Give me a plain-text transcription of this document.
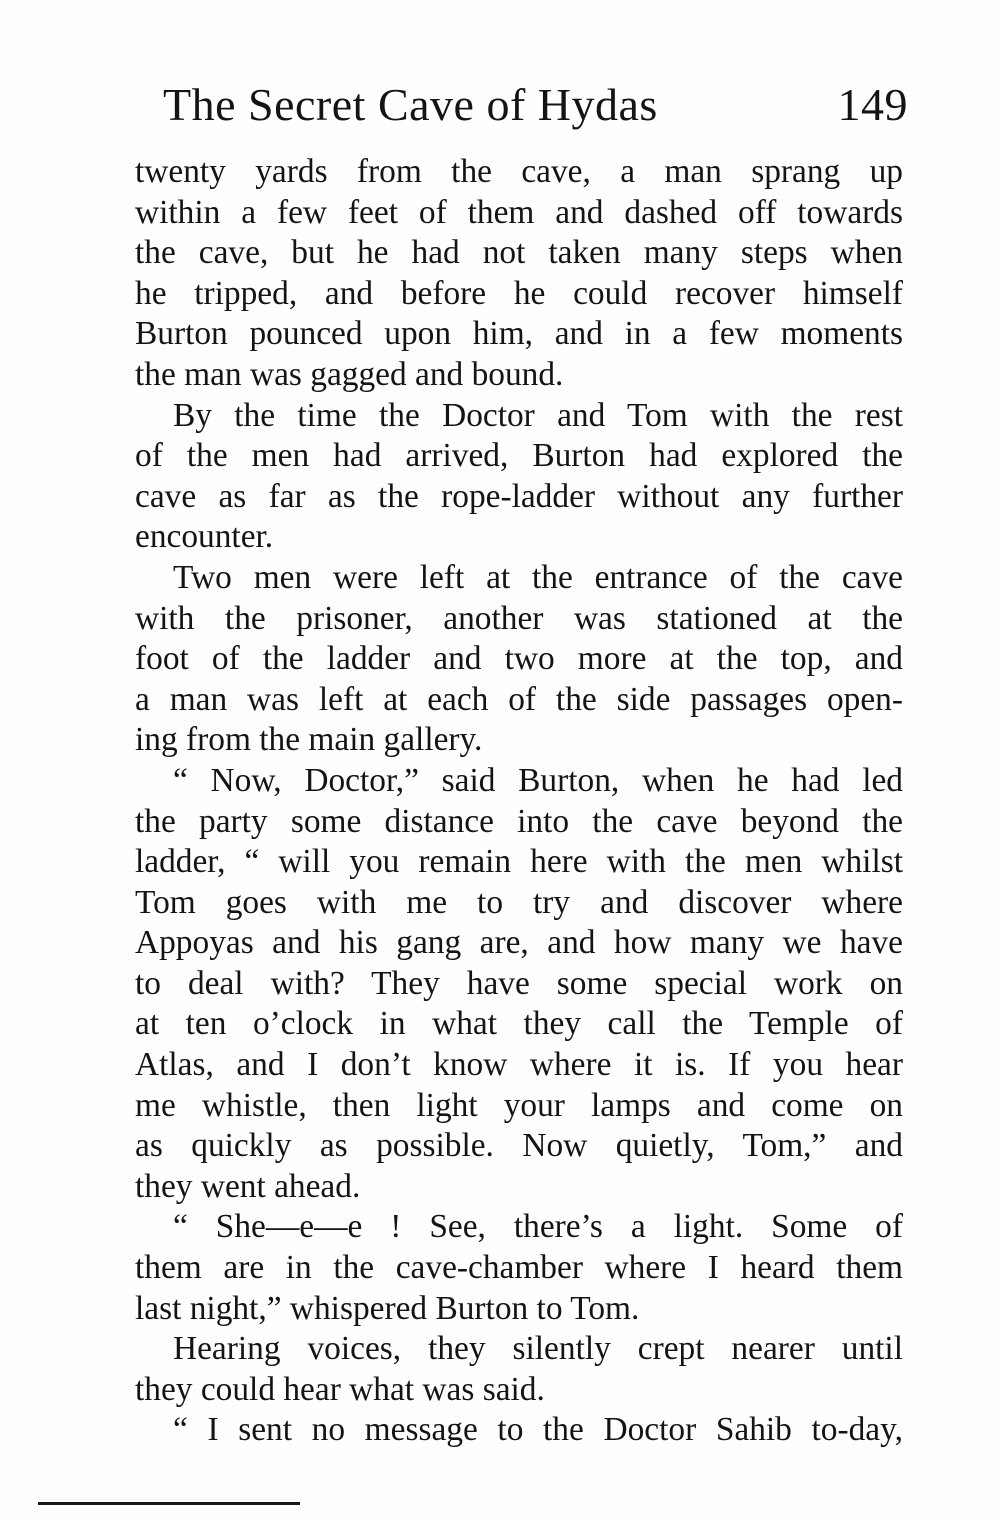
The Secret Cave of Hydas	149
twenty yards from the cave, a man sprang up
within a few feet of them and dashed off towards
the cave, but he had not taken many steps when
he tripped, and before he could recover himself
Burton pounced upon him, and in a few moments
the man was gagged and bound.
By the time the Doctor and Tom with the rest
of the men had arrived, Burton had explored the
cave as far as the rope-ladder without any further
encounter.
Two men were left at the entrance of the cave
with the prisoner, another was stationed at the
foot of the ladder and two more at the top, and
a man was left at each of the side passages open-
ing from the main gallery.
“ Now, Doctor,” said Burton, when he had led
the party some distance into the cave beyond the
ladder, “ will you remain here with the men whilst
Tom goes with me to try and discover where
Appoyas and his gang are, and how many we have
to deal with? They have some special work on
at ten o’clock in what they call the Temple of
Atlas, and I don’t know where it is. If you hear
me whistle, then light your lamps and come on
as quickly as possible. Now quietly, Tom,” and
they went ahead.
“ She—e—e ! See, there’s a light. Some of
them are in the cave-chamber where I heard them
last night,” whispered Burton to Tom.
Hearing voices, they silently crept nearer until
they could hear what was said.
“ I sent no message to the Doctor Sahib to-day,
